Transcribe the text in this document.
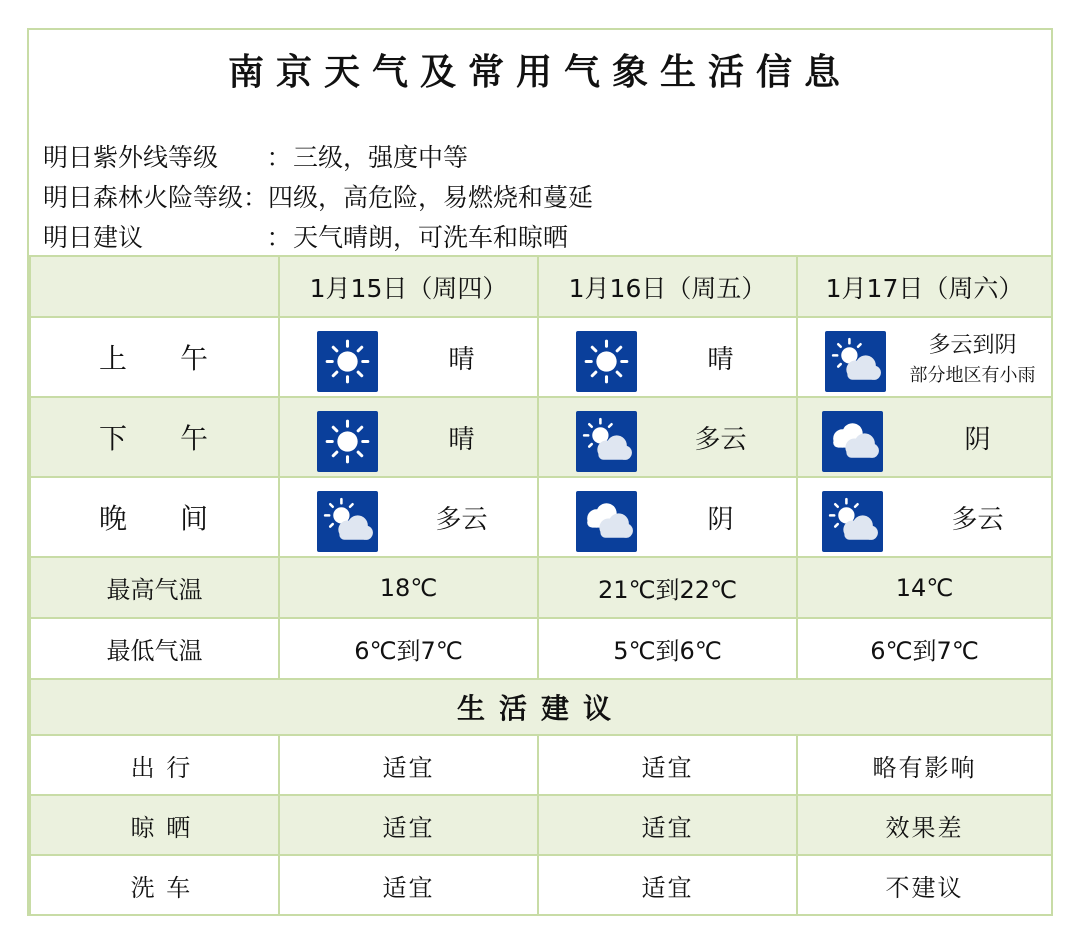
南京天气及常用气象生活信息
明日紫外线等级 ：三级，强度中等
明日森林火险等级：四级，高危险，易燃烧和蔓延
明日建议	：天气晴朗，可洗车和晾晒
	1月15日（周四）	1月16日（周五）	1月17日（周六）
上 午	晴	晴	多云到阴
部分地区有小雨

下 午	晴	多云	阴

晚 间	多云	阴	多云

最高气温	18℃	21℃到22℃	14℃
最低气温	6℃到7℃	5℃到6℃	6℃到7℃
生活建议			
出 行	适宜	适宜	略有影响
晾 晒	适宜	适宜	效果差
洗 车	适宜	适宜	不建议
